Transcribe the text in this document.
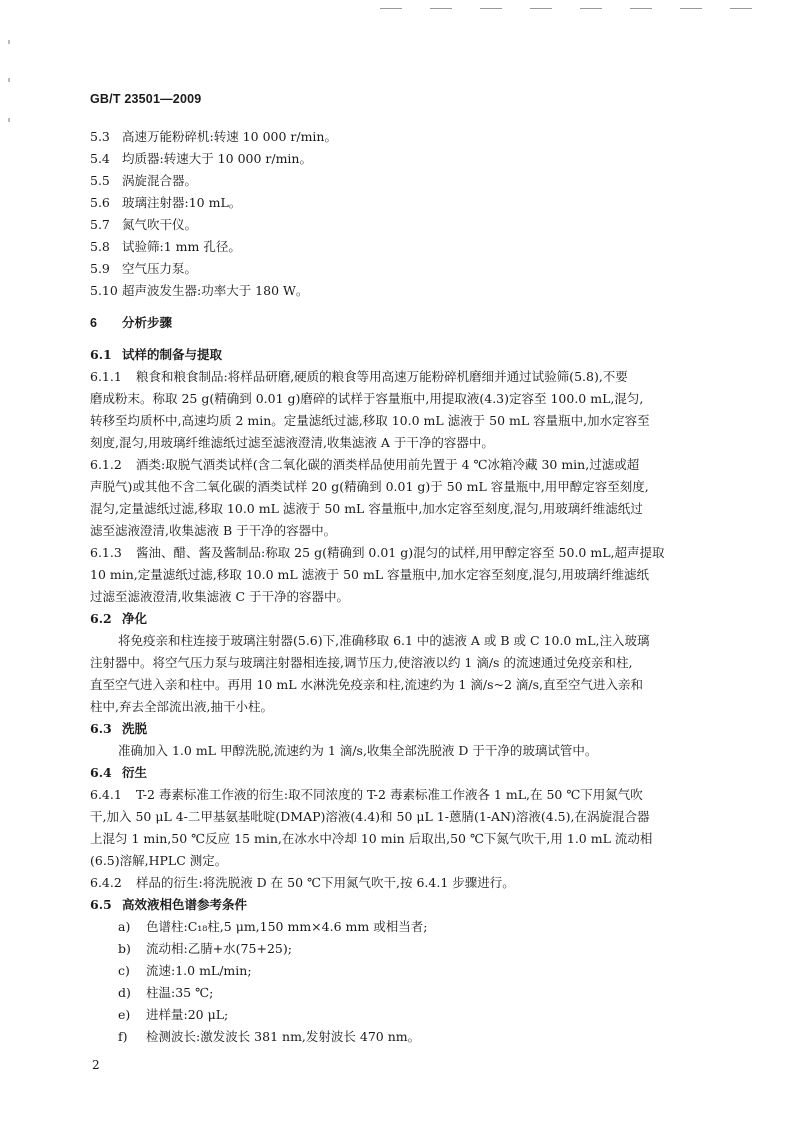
GB/T 23501—2009
5.3 高速万能粉碎机:转速 10 000 r/min。
5.4 均质器:转速大于 10 000 r/min。
5.5 涡旋混合器。
5.6 玻璃注射器:10 mL。
5.7 氮气吹干仪。
5.8 试验筛:1 mm 孔径。
5.9 空气压力泵。
5.10 超声波发生器:功率大于 180 W。
6 分析步骤
6.1 试样的制备与提取
6.1.1 粮食和粮食制品:将样品研磨,硬质的粮食等用高速万能粉碎机磨细并通过试验筛(5.8),不要
磨成粉末。称取 25 g(精确到 0.01 g)磨碎的试样于容量瓶中,用提取液(4.3)定容至 100.0 mL,混匀,
转移至均质杯中,高速均质 2 min。定量滤纸过滤,移取 10.0 mL 滤液于 50 mL 容量瓶中,加水定容至
刻度,混匀,用玻璃纤维滤纸过滤至滤液澄清,收集滤液 A 于干净的容器中。
6.1.2 酒类:取脱气酒类试样(含二氧化碳的酒类样品使用前先置于 4 ℃冰箱冷藏 30 min,过滤或超
声脱气)或其他不含二氧化碳的酒类试样 20 g(精确到 0.01 g)于 50 mL 容量瓶中,用甲醇定容至刻度,
混匀,定量滤纸过滤,移取 10.0 mL 滤液于 50 mL 容量瓶中,加水定容至刻度,混匀,用玻璃纤维滤纸过
滤至滤液澄清,收集滤液 B 于干净的容器中。
6.1.3 酱油、醋、酱及酱制品:称取 25 g(精确到 0.01 g)混匀的试样,用甲醇定容至 50.0 mL,超声提取
10 min,定量滤纸过滤,移取 10.0 mL 滤液于 50 mL 容量瓶中,加水定容至刻度,混匀,用玻璃纤维滤纸
过滤至滤液澄清,收集滤液 C 于干净的容器中。
6.2 净化
将免疫亲和柱连接于玻璃注射器(5.6)下,准确移取 6.1 中的滤液 A 或 B 或 C 10.0 mL,注入玻璃
注射器中。将空气压力泵与玻璃注射器相连接,调节压力,使溶液以约 1 滴/s 的流速通过免疫亲和柱,
直至空气进入亲和柱中。再用 10 mL 水淋洗免疫亲和柱,流速约为 1 滴/s~2 滴/s,直至空气进入亲和
柱中,弃去全部流出液,抽干小柱。
6.3 洗脱
准确加入 1.0 mL 甲醇洗脱,流速约为 1 滴/s,收集全部洗脱液 D 于干净的玻璃试管中。
6.4 衍生
6.4.1 T-2 毒素标准工作液的衍生:取不同浓度的 T-2 毒素标准工作液各 1 mL,在 50 ℃下用氮气吹
干,加入 50 μL 4-二甲基氨基吡啶(DMAP)溶液(4.4)和 50 μL 1-蒽腈(1-AN)溶液(4.5),在涡旋混合器
上混匀 1 min,50 ℃反应 15 min,在冰水中冷却 10 min 后取出,50 ℃下氮气吹干,用 1.0 mL 流动相
(6.5)溶解,HPLC 测定。
6.4.2 样品的衍生:将洗脱液 D 在 50 ℃下用氮气吹干,按 6.4.1 步骤进行。
6.5 高效液相色谱参考条件
a) 色谱柱:C₁₈柱,5 μm,150 mm×4.6 mm 或相当者;
b) 流动相:乙腈+水(75+25);
c) 流速:1.0 mL/min;
d) 柱温:35 ℃;
e) 进样量:20 μL;
f) 检测波长:激发波长 381 nm,发射波长 470 nm。
2
